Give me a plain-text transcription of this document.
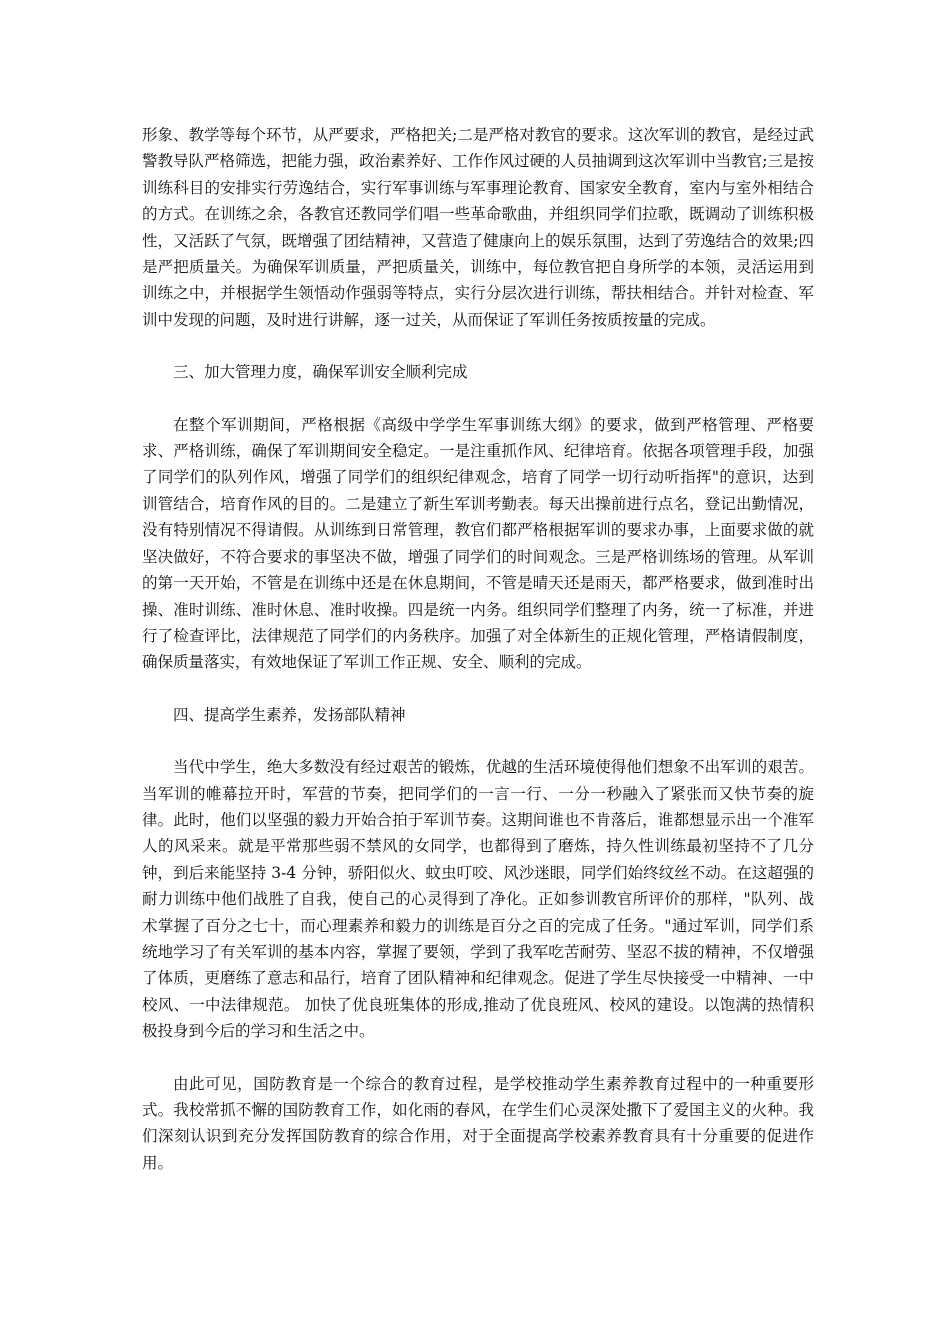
形象、教学等每个环节，从严要求，严格把关;二是严格对教官的要求。这次军训的教官，是经过武警教导队严格筛选，把能力强，政治素养好、工作作风过硬的人员抽调到这次军训中当教官;三是按训练科目的安排实行劳逸结合，实行军事训练与军事理论教育、国家安全教育，室内与室外相结合的方式。在训练之余，各教官还教同学们唱一些革命歌曲，并组织同学们拉歌，既调动了训练积极性，又活跃了气氛，既增强了团结精神，又营造了健康向上的娱乐氛围，达到了劳逸结合的效果;四是严把质量关。为确保军训质量，严把质量关，训练中，每位教官把自身所学的本领，灵活运用到训练之中，并根据学生领悟动作强弱等特点，实行分层次进行训练，帮扶相结合。并针对检查、军训中发现的问题，及时进行讲解，逐一过关，从而保证了军训任务按质按量的完成。

三、加大管理力度，确保军训安全顺利完成

在整个军训期间，严格根据《高级中学学生军事训练大纲》的要求，做到严格管理、严格要求、严格训练，确保了军训期间安全稳定。一是注重抓作风、纪律培育。依据各项管理手段，加强了同学们的队列作风，增强了同学们的组织纪律观念，培育了同学一切行动听指挥"的意识，达到训管结合，培育作风的目的。二是建立了新生军训考勤表。每天出操前进行点名，登记出勤情况，没有特别情况不得请假。从训练到日常管理，教官们都严格根据军训的要求办事，上面要求做的就坚决做好，不符合要求的事坚决不做，增强了同学们的时间观念。三是严格训练场的管理。从军训的第一天开始，不管是在训练中还是在休息期间，不管是晴天还是雨天，都严格要求，做到准时出操、准时训练、准时休息、准时收操。四是统一内务。组织同学们整理了内务，统一了标准，并进行了检查评比，法律规范了同学们的内务秩序。加强了对全体新生的正规化管理，严格请假制度，确保质量落实，有效地保证了军训工作正规、安全、顺利的完成。

四、提高学生素养，发扬部队精神

当代中学生，绝大多数没有经过艰苦的锻炼，优越的生活环境使得他们想象不出军训的艰苦。当军训的帷幕拉开时，军营的节奏，把同学们的一言一行、一分一秒融入了紧张而又快节奏的旋律。此时，他们以坚强的毅力开始合拍于军训节奏。这期间谁也不肯落后，谁都想显示出一个准军人的风采来。就是平常那些弱不禁风的女同学，也都得到了磨炼，持久性训练最初坚持不了几分钟，到后来能坚持 3-4 分钟，骄阳似火、蚊虫叮咬、风沙迷眼，同学们始终纹丝不动。在这超强的耐力训练中他们战胜了自我，使自己的心灵得到了净化。正如参训教官所评价的那样，"队列、战术掌握了百分之七十，而心理素养和毅力的训练是百分之百的完成了任务。"通过军训，同学们系统地学习了有关军训的基本内容，掌握了要领，学到了我军吃苦耐劳、坚忍不拔的精神，不仅增强了体质，更磨练了意志和品行，培育了团队精神和纪律观念。促进了学生尽快接受一中精神、一中校风、一中法律规范。 加快了优良班集体的形成,推动了优良班风、校风的建设。以饱满的热情积极投身到今后的学习和生活之中。

由此可见，国防教育是一个综合的教育过程，是学校推动学生素养教育过程中的一种重要形式。我校常抓不懈的国防教育工作，如化雨的春风，在学生们心灵深处撒下了爱国主义的火种。我们深刻认识到充分发挥国防教育的综合作用，对于全面提高学校素养教育具有十分重要的促进作用。
